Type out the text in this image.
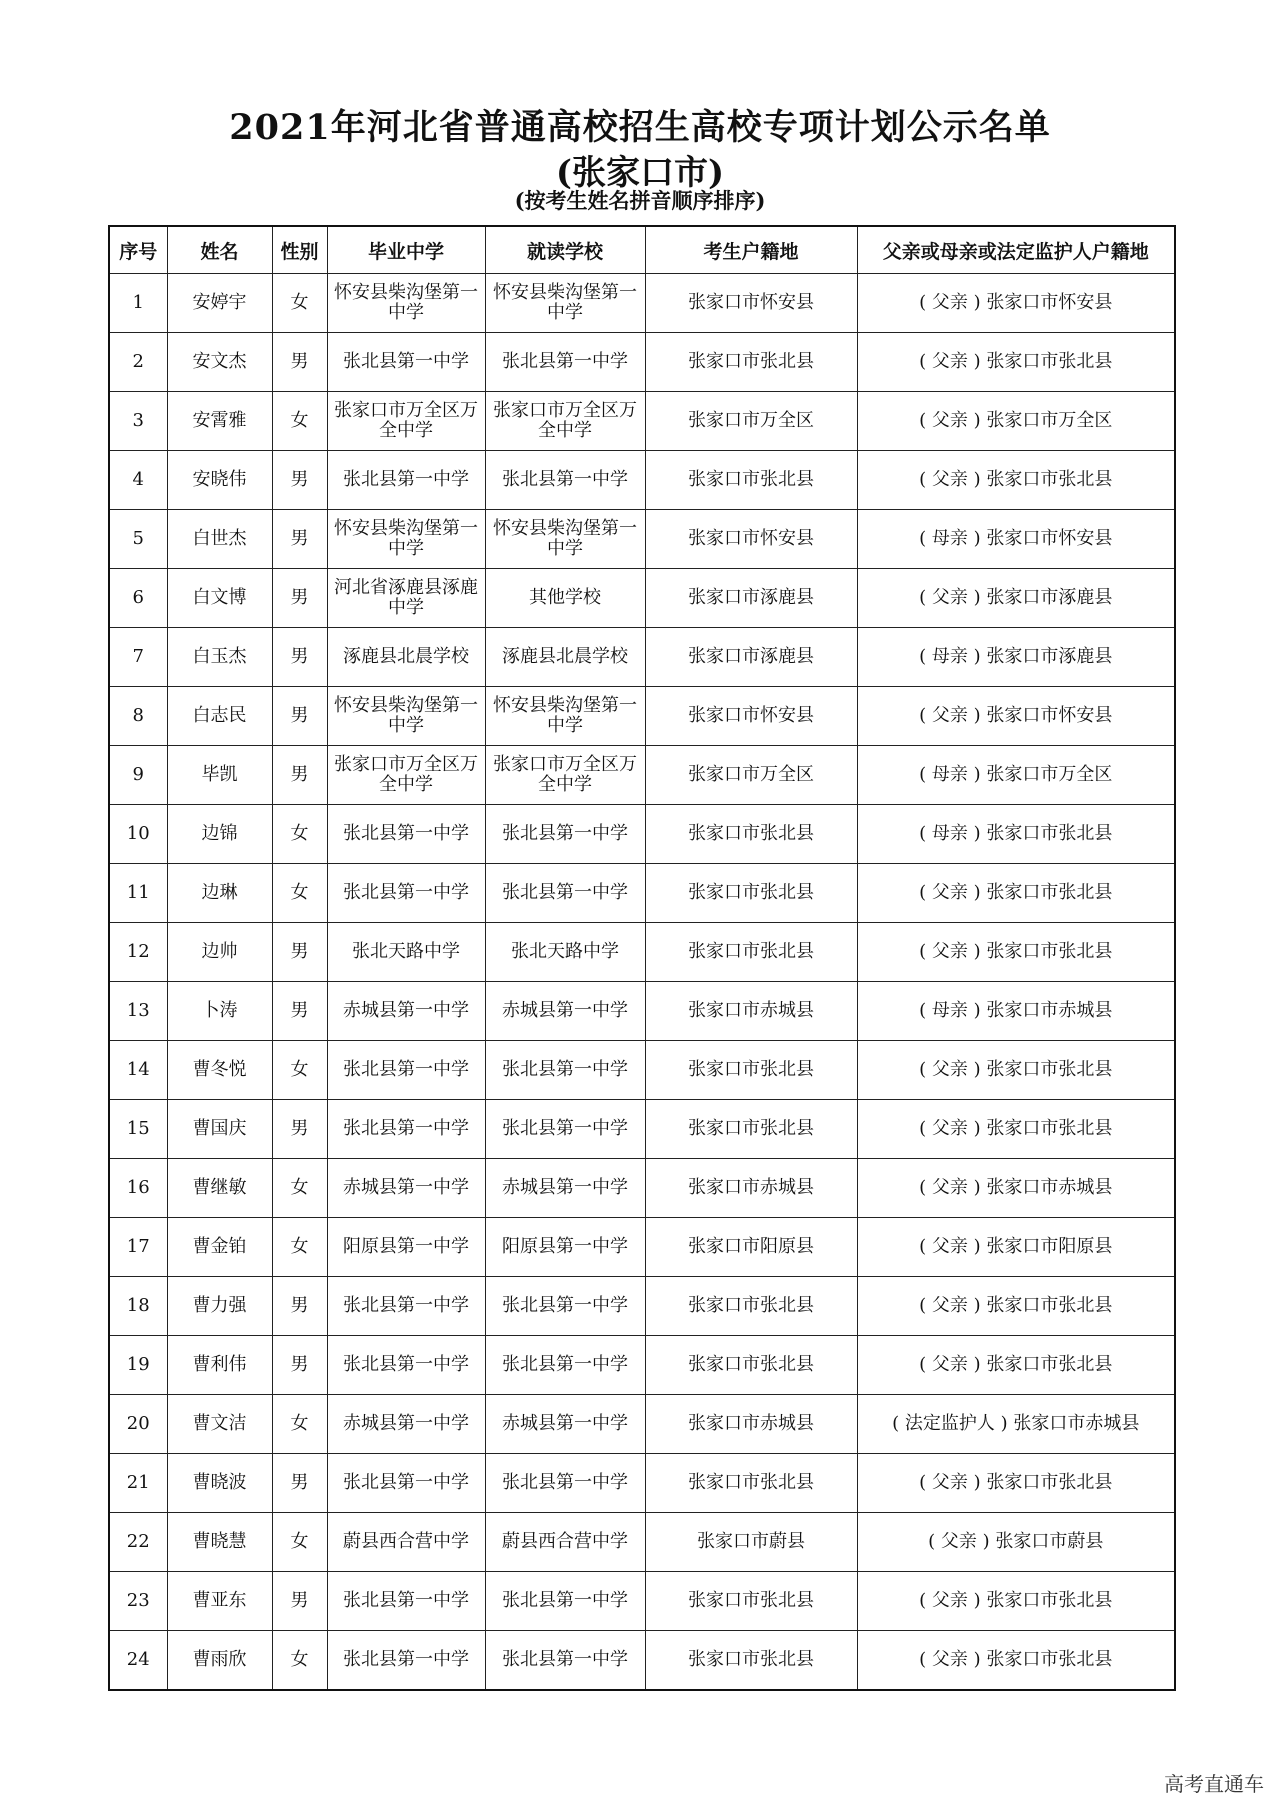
2021年河北省普通高校招生高校专项计划公示名单
(张家口市)
(按考生姓名拼音顺序排序)
序号	姓名	性别	毕业中学	就读学校	考生户籍地	父亲或母亲或法定监护人户籍地
1	安婷宇	女	怀安县柴沟堡第一中学	怀安县柴沟堡第一中学	张家口市怀安县	( 父亲 ) 张家口市怀安县
2	安文杰	男	张北县第一中学	张北县第一中学	张家口市张北县	( 父亲 ) 张家口市张北县
3	安霄雅	女	张家口市万全区万全中学	张家口市万全区万全中学	张家口市万全区	( 父亲 ) 张家口市万全区
4	安晓伟	男	张北县第一中学	张北县第一中学	张家口市张北县	( 父亲 ) 张家口市张北县
5	白世杰	男	怀安县柴沟堡第一中学	怀安县柴沟堡第一中学	张家口市怀安县	( 母亲 ) 张家口市怀安县
6	白文博	男	河北省涿鹿县涿鹿中学	其他学校	张家口市涿鹿县	( 父亲 ) 张家口市涿鹿县
7	白玉杰	男	涿鹿县北晨学校	涿鹿县北晨学校	张家口市涿鹿县	( 母亲 ) 张家口市涿鹿县
8	白志民	男	怀安县柴沟堡第一中学	怀安县柴沟堡第一中学	张家口市怀安县	( 父亲 ) 张家口市怀安县
9	毕凯	男	张家口市万全区万全中学	张家口市万全区万全中学	张家口市万全区	( 母亲 ) 张家口市万全区
10	边锦	女	张北县第一中学	张北县第一中学	张家口市张北县	( 母亲 ) 张家口市张北县
11	边琳	女	张北县第一中学	张北县第一中学	张家口市张北县	( 父亲 ) 张家口市张北县
12	边帅	男	张北天路中学	张北天路中学	张家口市张北县	( 父亲 ) 张家口市张北县
13	卜涛	男	赤城县第一中学	赤城县第一中学	张家口市赤城县	( 母亲 ) 张家口市赤城县
14	曹冬悦	女	张北县第一中学	张北县第一中学	张家口市张北县	( 父亲 ) 张家口市张北县
15	曹国庆	男	张北县第一中学	张北县第一中学	张家口市张北县	( 父亲 ) 张家口市张北县
16	曹继敏	女	赤城县第一中学	赤城县第一中学	张家口市赤城县	( 父亲 ) 张家口市赤城县
17	曹金铂	女	阳原县第一中学	阳原县第一中学	张家口市阳原县	( 父亲 ) 张家口市阳原县
18	曹力强	男	张北县第一中学	张北县第一中学	张家口市张北县	( 父亲 ) 张家口市张北县
19	曹利伟	男	张北县第一中学	张北县第一中学	张家口市张北县	( 父亲 ) 张家口市张北县
20	曹文洁	女	赤城县第一中学	赤城县第一中学	张家口市赤城县	( 法定监护人 ) 张家口市赤城县
21	曹晓波	男	张北县第一中学	张北县第一中学	张家口市张北县	( 父亲 ) 张家口市张北县
22	曹晓慧	女	蔚县西合营中学	蔚县西合营中学	张家口市蔚县	( 父亲 ) 张家口市蔚县
23	曹亚东	男	张北县第一中学	张北县第一中学	张家口市张北县	( 父亲 ) 张家口市张北县
24	曹雨欣	女	张北县第一中学	张北县第一中学	张家口市张北县	( 父亲 ) 张家口市张北县
高考直通车
